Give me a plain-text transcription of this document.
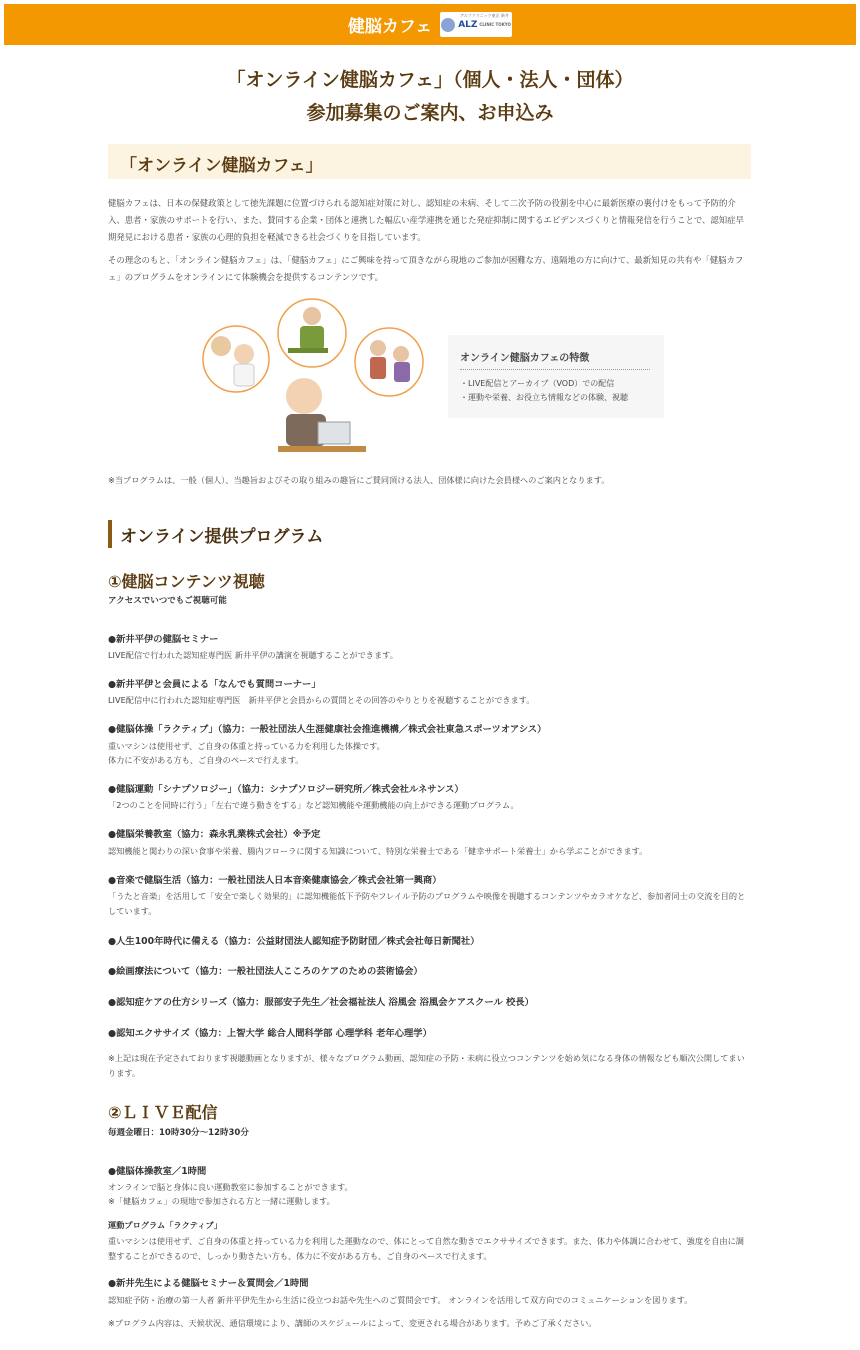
健脳カフェ
アルツクリニック東京 新井
ALZ CLINIC TOKYO
「オンライン健脳カフェ」（個人・法人・団体）
参加募集のご案内、お申込み
「オンライン健脳カフェ」
健脳カフェは、日本の保健政策として徳先課題に位置づけられる認知症対策に対し、認知症の未病、そして二次予防の役割を中心に最新医療の裏付けをもって予防的介入、患者・家族のサポートを行い、また、賛同する企業・団体と連携した幅広い産学連携を通じた発症抑制に関するエビデンスづくりと情報発信を行うことで、認知症早期発見における患者・家族の心理的負担を軽減できる社会づくりを目指しています。
その理念のもと、「オンライン健脳カフェ」は、「健脳カフェ」にご興味を持って頂きながら現地のご参加が困難な方、遠隔地の方に向けて、最新知見の共有や「健脳カフェ」のプログラムをオンラインにて体験機会を提供するコンテンツです。
オンライン健脳カフェの特徴
・LIVE配信とアーカイブ（VOD）での配信
・運動や栄養、お役立ち情報などの体験、視聴
※当プログラムは、一般（個人）、当趣旨およびその取り組みの趣旨にご賛同頂ける法人、団体様に向けた会員様へのご案内となります。
オンライン提供プログラム
①健脳コンテンツ視聴
アクセスでいつでもご視聴可能
●新井平伊の健脳セミナー
LIVE配信で行われた認知症専門医 新井平伊の講演を視聴することができます。
●新井平伊と会員による「なんでも質問コーナー」
LIVE配信中に行われた認知症専門医　新井平伊と会員からの質問とその回答のやりとりを視聴することができます。
●健脳体操「ラクティブ」（協力：一般社団法人生涯健康社会推進機構／株式会社東急スポーツオアシス）
重いマシンは使用せず、ご自身の体重と持っている力を利用した体操です。
体力に不安がある方も、ご自身のペースで行えます。
●健脳運動「シナプソロジー」（協力：シナプソロジー研究所／株式会社ルネサンス）
「2つのことを同時に行う」「左右で違う動きをする」など認知機能や運動機能の向上ができる運動プログラム。
●健脳栄養教室（協力：森永乳業株式会社）※予定
認知機能と関わりの深い食事や栄養、腸内フローラに関する知識について、特別な栄養士である「健幸サポート栄養士」から学ぶことができます。
●音楽で健脳生活（協力：一般社団法人日本音楽健康協会／株式会社第一興商）
「うたと音楽」を活用して「安全で楽しく効果的」に認知機能低下予防やフレイル予防のプログラムや映像を視聴するコンテンツやカラオケなど、参加者同士の交流を目的としています。
●人生100年時代に備える（協力：公益財団法人認知症予防財団／株式会社毎日新聞社）
●絵画療法について（協力：一般社団法人こころのケアのための芸術協会）
●認知症ケアの仕方シリーズ（協力：服部安子先生／社会福祉法人 浴風会 浴風会ケアスクール 校長）
●認知エクササイズ（協力：上智大学 総合人間科学部 心理学科 老年心理学）
※上記は現在予定されております視聴動画となりますが、様々なプログラム動画、認知症の予防・未病に役立つコンテンツを始め気になる身体の情報なども順次公開してまいります。
②ＬＩＶＥ配信
毎週金曜日：10時30分〜12時30分
●健脳体操教室／1時間
オンラインで脳と身体に良い運動教室に参加することができます。
※「健脳カフェ」の現地で参加される方と一緒に運動します。
運動プログラム「ラクティブ」
重いマシンは使用せず、ご自身の体重と持っている力を利用した運動なので、体にとって自然な動きでエクササイズできます。また、体力や体調に合わせて、強度を自由に調整することができるので、しっかり動きたい方も、体力に不安がある方も、ご自身のペースで行えます。
●新井先生による健脳セミナー＆質問会／1時間
認知症予防・治療の第一人者 新井平伊先生から生活に役立つお話や先生へのご質問会です。 オンラインを活用して双方向でのコミュニケーションを図ります。
※プログラム内容は、天候状況、通信環境により、講師のスケジュールによって、変更される場合があります。予めご了承ください。
